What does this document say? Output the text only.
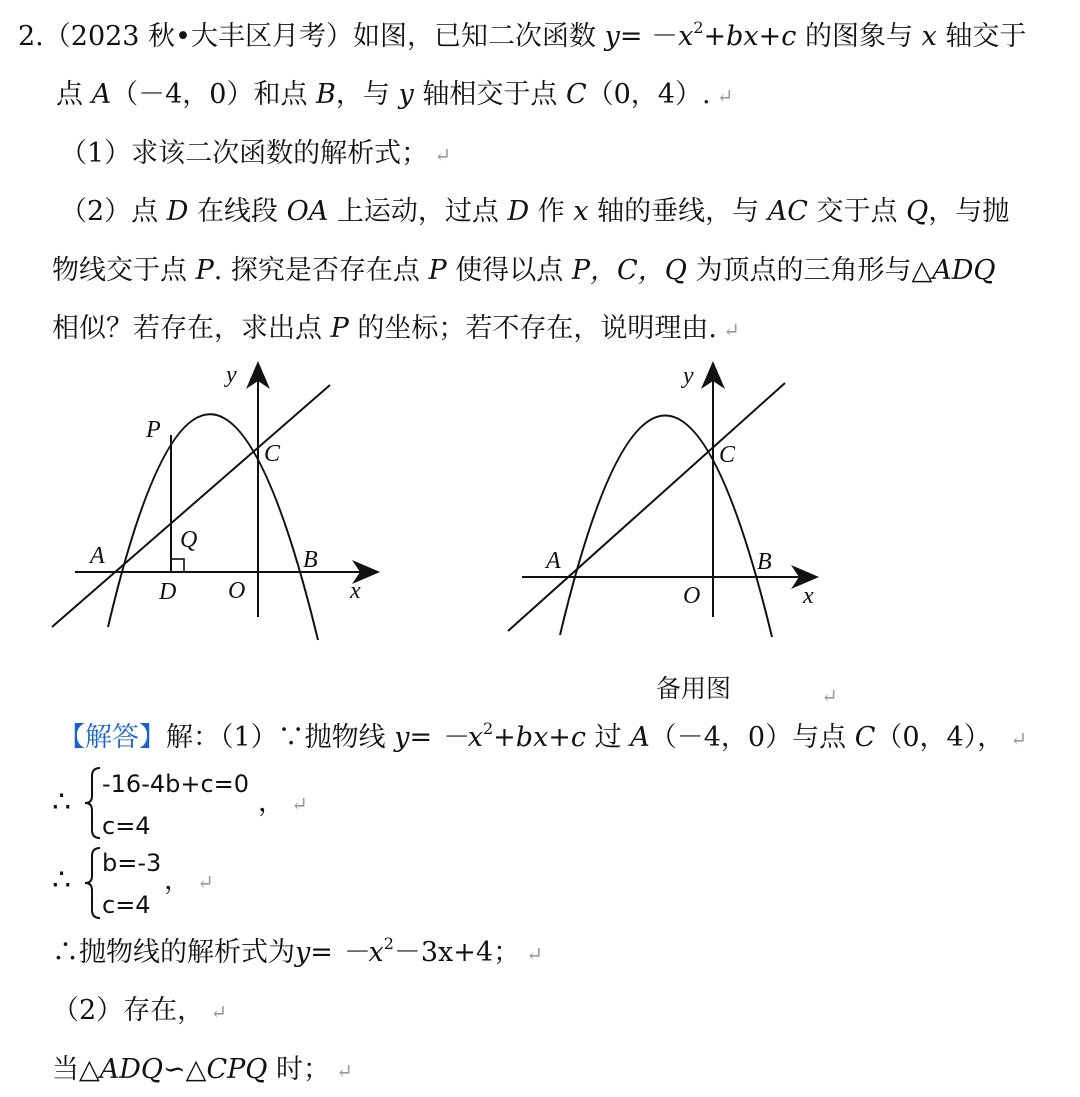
2.（2023 秋•大丰区月考）如图，已知二次函数 $y= -x^2+bx+c$ 的图象与 x 轴交于
点 A（－4，0）和点 B，与 y 轴相交于点 C（0，4）. ↵
（1）求该二次函数的解析式； ↵
（2）点 D 在线段 OA 上运动，过点 D 作 x 轴的垂线，与 AC 交于点 Q，与抛
物线交于点 P. 探究是否存在点 P 使得以点 P，C，Q 为顶点的三角形与△ADQ
相似？若存在，求出点 P 的坐标；若不存在，说明理由. ↵
y
x
P
C
Q
A	B
D O
y
x
C
A	B
O
备用图	↵
【解答】解：（1）∵抛物线 $y= -x^2+bx+c$ 过 A（－4，0）与点 C（0，4）， ↵
∴
-16-4b+c=0
c=4
， ↵
∴ b=-3
c=4
， ↵
∴抛物线的解析式为$y= -x^2-3x+4$； ↵
（2）存在， ↵
当△ADQ∽△CPQ 时； ↵
